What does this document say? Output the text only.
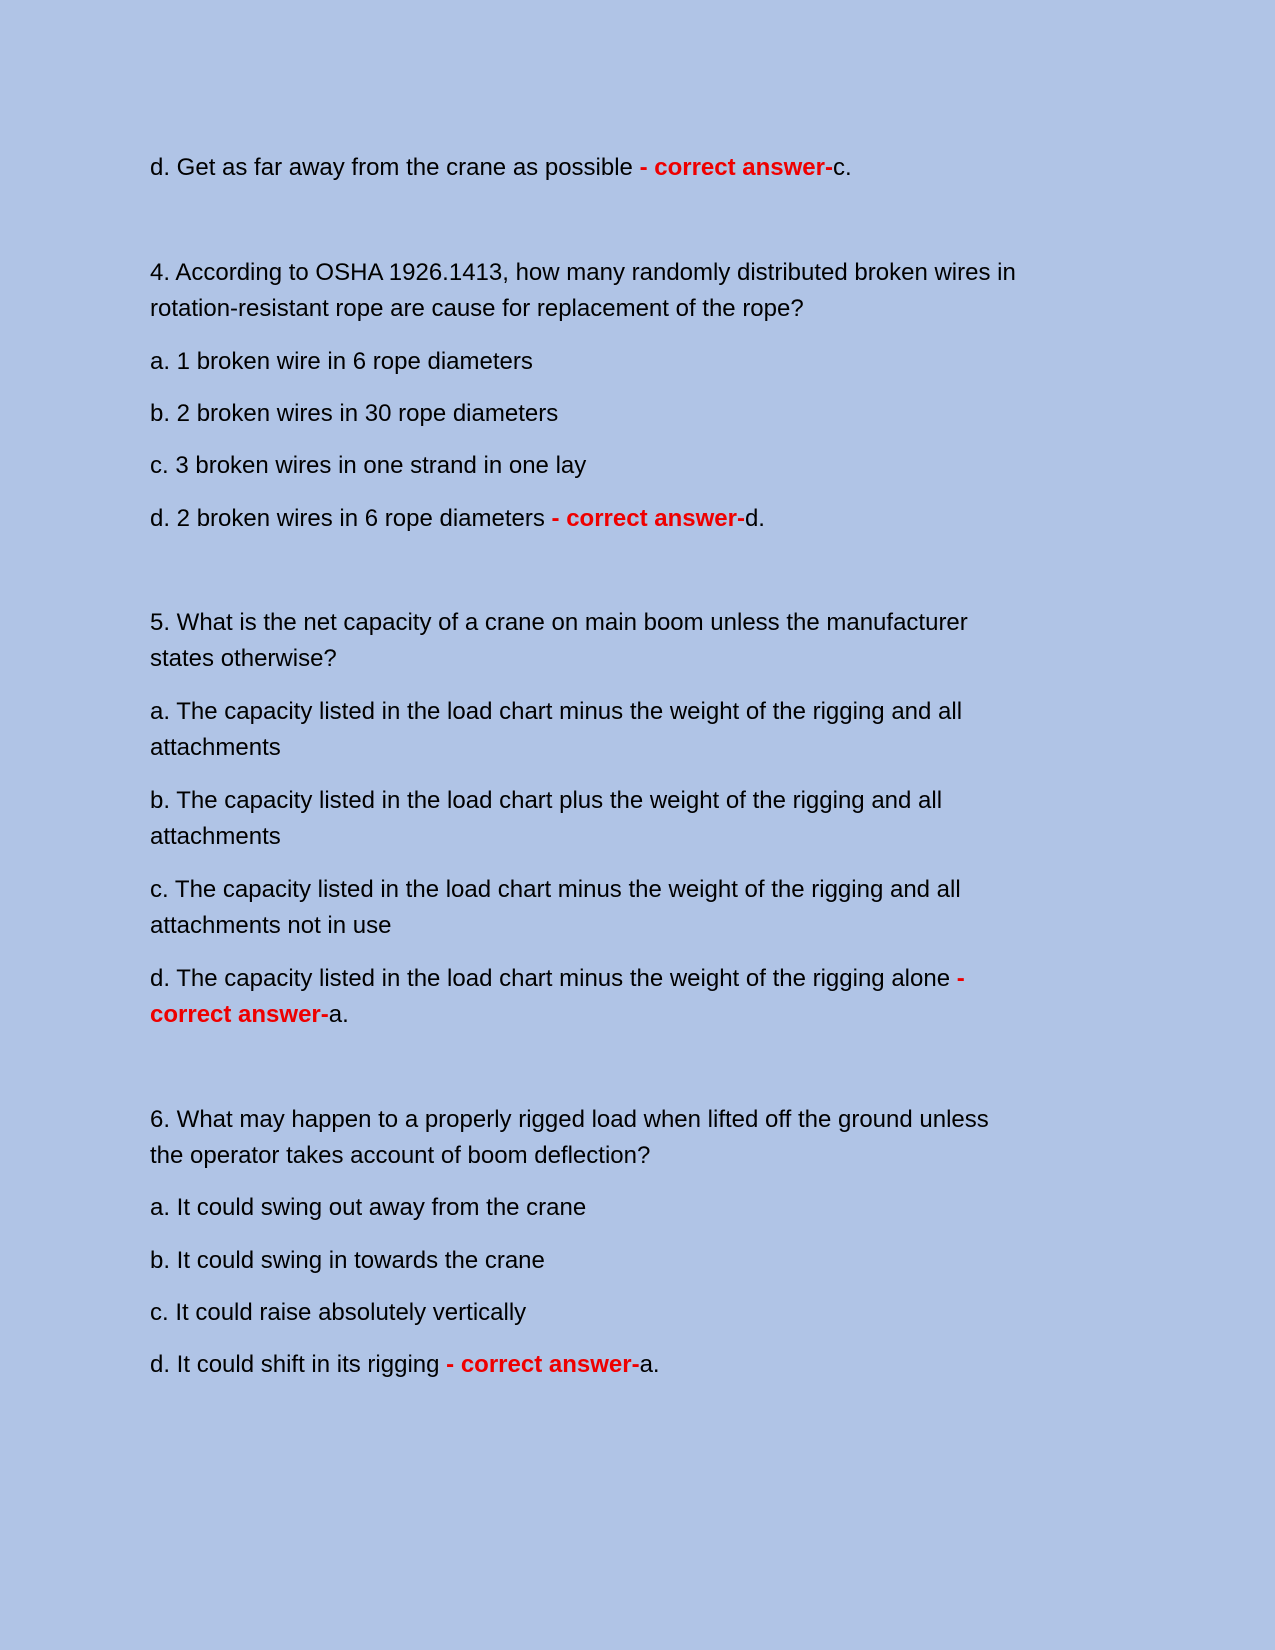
d. Get as far away from the crane as possible - correct answer-c.
4. According to OSHA 1926.1413, how many randomly distributed broken wires in
rotation-resistant rope are cause for replacement of the rope?
a. 1 broken wire in 6 rope diameters
b. 2 broken wires in 30 rope diameters
c. 3 broken wires in one strand in one lay
d. 2 broken wires in 6 rope diameters - correct answer-d.
5. What is the net capacity of a crane on main boom unless the manufacturer
states otherwise?
a. The capacity listed in the load chart minus the weight of the rigging and all
attachments
b. The capacity listed in the load chart plus the weight of the rigging and all
attachments
c. The capacity listed in the load chart minus the weight of the rigging and all
attachments not in use
d. The capacity listed in the load chart minus the weight of the rigging alone -
correct answer-a.
6. What may happen to a properly rigged load when lifted off the ground unless
the operator takes account of boom deflection?
a. It could swing out away from the crane
b. It could swing in towards the crane
c. It could raise absolutely vertically
d. It could shift in its rigging - correct answer-a.
